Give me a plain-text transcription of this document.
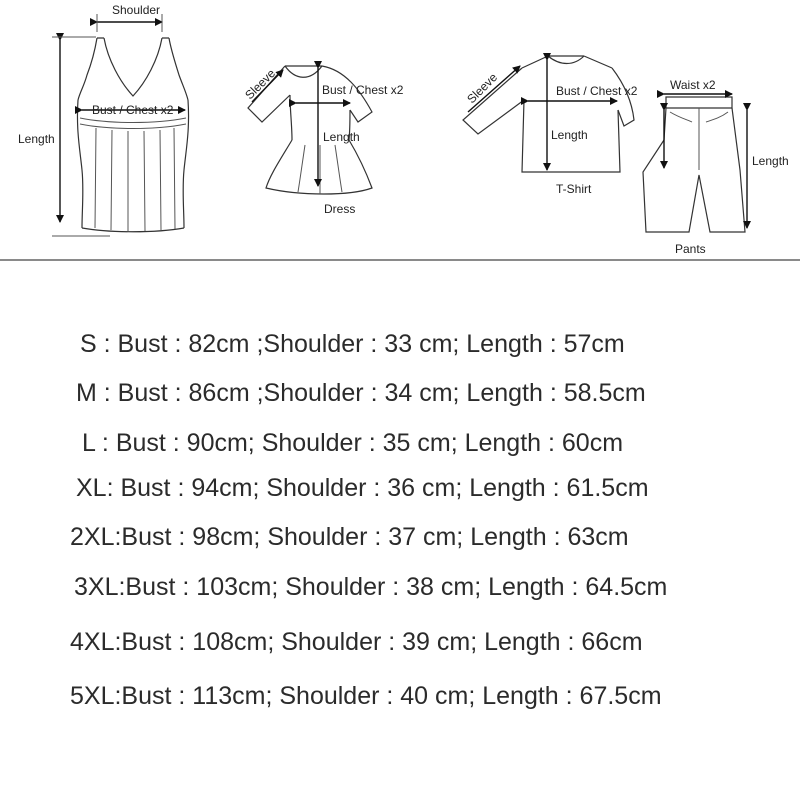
Shoulder
Bust / Chest x2
Length
Sleeve	Bust / Chest x2
Length
Dress
Sleeve	Bust / Chest x2
Length
T-Shirt
Waist x2
Length
Pants
S : Bust : 82cm ;Shoulder : 33 cm; Length : 57cm
M : Bust : 86cm ;Shoulder : 34 cm; Length : 58.5cm
L : Bust : 90cm; Shoulder : 35 cm; Length : 60cm
XL: Bust : 94cm; Shoulder : 36 cm; Length : 61.5cm
2XL:Bust : 98cm; Shoulder : 37 cm; Length : 63cm
3XL:Bust : 103cm; Shoulder : 38 cm; Length : 64.5cm
4XL:Bust : 108cm; Shoulder : 39 cm; Length : 66cm
5XL:Bust : 113cm; Shoulder : 40 cm; Length : 67.5cm
